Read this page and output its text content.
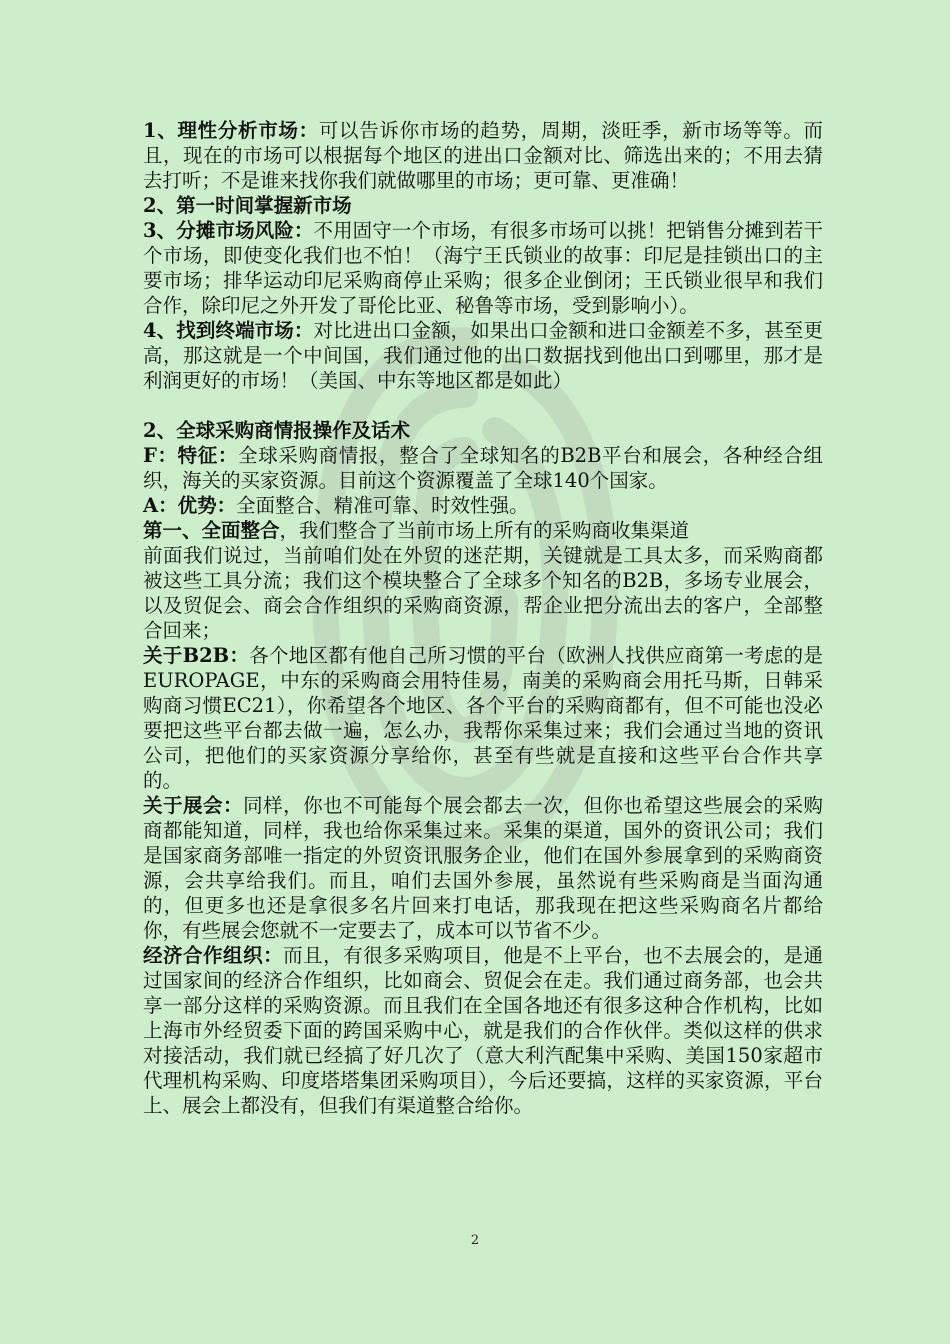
1、理性分析市场：可以告诉你市场的趋势，周期，淡旺季，新市场等等。而且，现在的市场可以根据每个地区的进出口金额对比、筛选出来的；不用去猜去打听；不是谁来找你我们就做哪里的市场；更可靠、更准确！

2、第一时间掌握新市场

3、分摊市场风险：不用固守一个市场，有很多市场可以挑！把销售分摊到若干个市场，即使变化我们也不怕！（海宁王氏锁业的故事：印尼是挂锁出口的主要市场；排华运动印尼采购商停止采购；很多企业倒闭；王氏锁业很早和我们合作，除印尼之外开发了哥伦比亚、秘鲁等市场，受到影响小）。

4、找到终端市场：对比进出口金额，如果出口金额和进口金额差不多，甚至更高，那这就是一个中间国，我们通过他的出口数据找到他出口到哪里，那才是利润更好的市场！（美国、中东等地区都是如此）

2、全球采购商情报操作及话术

F：特征：全球采购商情报，整合了全球知名的B2B平台和展会，各种经合组织，海关的买家资源。目前这个资源覆盖了全球140个国家。

A：优势：全面整合、精准可靠、时效性强。

第一、全面整合，我们整合了当前市场上所有的采购商收集渠道

前面我们说过，当前咱们处在外贸的迷茫期，关键就是工具太多，而采购商都被这些工具分流；我们这个模块整合了全球多个知名的B2B，多场专业展会，以及贸促会、商会合作组织的采购商资源，帮企业把分流出去的客户，全部整合回来；

关于B2B：各个地区都有他自己所习惯的平台（欧洲人找供应商第一考虑的是EUROPAGE，中东的采购商会用特佳易，南美的采购商会用托马斯，日韩采购商习惯EC21），你希望各个地区、各个平台的采购商都有，但不可能也没必要把这些平台都去做一遍，怎么办，我帮你采集过来；我们会通过当地的资讯公司，把他们的买家资源分享给你，甚至有些就是直接和这些平台合作共享的。

关于展会：同样，你也不可能每个展会都去一次，但你也希望这些展会的采购商都能知道，同样，我也给你采集过来。采集的渠道，国外的资讯公司；我们是国家商务部唯一指定的外贸资讯服务企业，他们在国外参展拿到的采购商资源，会共享给我们。而且，咱们去国外参展，虽然说有些采购商是当面沟通的，但更多也还是拿很多名片回来打电话，那我现在把这些采购商名片都给你，有些展会您就不一定要去了，成本可以节省不少。

经济合作组织：而且，有很多采购项目，他是不上平台，也不去展会的，是通过国家间的经济合作组织，比如商会、贸促会在走。我们通过商务部，也会共享一部分这样的采购资源。而且我们在全国各地还有很多这种合作机构，比如上海市外经贸委下面的跨国采购中心，就是我们的合作伙伴。类似这样的供求对接活动，我们就已经搞了好几次了（意大利汽配集中采购、美国150家超市代理机构采购、印度塔塔集团采购项目），今后还要搞，这样的买家资源，平台上、展会上都没有，但我们有渠道整合给你。

2
